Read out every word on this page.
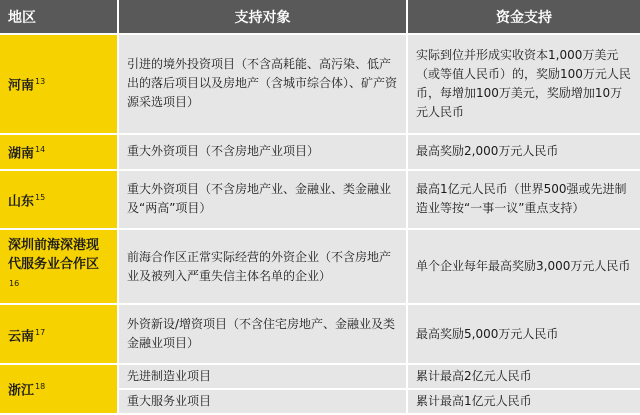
地区	支持对象	资金支持
河南$^{13}$	引进的境外投资项目（不含高耗能、高污染、低产出的落后项目以及房地产（含城市综合体）、矿产资源采选项目）	实际到位并形成实收资本1,000万美元（或等值人民币）的，奖励100万元人民币，每增加100万美元，奖励增加10万元人民币
湖南$^{14}$	重大外资项目（不含房地产业项目）	最高奖励2,000万元人民币
山东$^{15}$	重大外资项目（不含房地产业、金融业、类金融业及“两高”项目）	最高1亿元人民币（世界500强或先进制造业等按“一事一议”重点支持）
深圳前海深港现代服务业合作区$^{16}$	前海合作区正常实际经营的外资企业（不含房地产业及被列入严重失信主体名单的企业）	单个企业每年最高奖励3,000万元人民币
云南$^{17}$	外资新设/增资项目（不含住宅房地产、金融业及类金融业项目）	最高奖励5,000万元人民币
浙江$^{18}$	先进制造业项目	累计最高2亿元人民币
	重大服务业项目	累计最高1亿元人民币
